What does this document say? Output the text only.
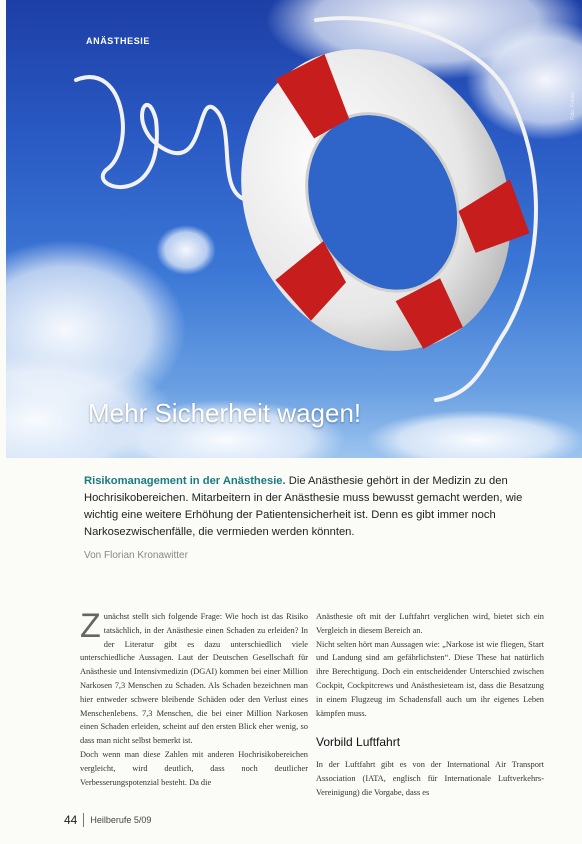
ANÄSTHESIE
Foto: Fotolia
Mehr Sicherheit wagen!
Risikomanagement in der Anästhesie. Die Anästhesie gehört in der Medizin zu den Hochrisikobereichen. Mitarbeitern in der Anästhesie muss bewusst gemacht werden, wie wichtig eine weitere Erhöhung der Patientensicherheit ist. Denn es gibt immer noch Narkosezwischenfälle, die vermieden werden könnten.
Von Florian Kronawitter
Z unächst stellt sich folgende Frage: Wie hoch ist das Risiko tatsächlich, in der Anästhesie einen Schaden zu erleiden? In der Literatur gibt es dazu unterschiedlich viele unterschiedliche Aussagen. Laut der Deutschen Gesellschaft für Anästhesie und Intensivmedizin (DGAI) kommen bei einer Million Narkosen 7,3 Menschen zu Schaden. Als Schaden bezeichnen man hier entweder schwere bleibende Schäden oder den Verlust eines Menschenlebens. 7,3 Menschen, die bei einer Million Narkosen einen Schaden erleiden, scheint auf den ersten Blick eher wenig, so dass man nicht selbst bemerkt ist.

Doch wenn man diese Zahlen mit anderen Hochrisikobereichen vergleicht, wird deutlich, dass noch deutlicher Verbesserungspotenzial besteht. Da die

Anästhesie oft mit der Luftfahrt verglichen wird, bietet sich ein Vergleich in diesem Bereich an.

Nicht selten hört man Aussagen wie: „Narkose ist wie fliegen, Start und Landung sind am gefährlichsten“. Diese These hat natürlich ihre Berechtigung. Doch ein entscheidender Unterschied zwischen Cockpit, Cockpitcrews und Anästhesieteam ist, dass die Besatzung in einem Flugzeug im Schadensfall auch um ihr eigenes Leben kämpfen muss.

Vorbild Luftfahrt

In der Luftfahrt gibt es von der International Air Transport Association (IATA, englisch für Internationale Luftverkehrs-Vereinigung) die Vorgabe, dass es

44 Heilberufe 5/09
